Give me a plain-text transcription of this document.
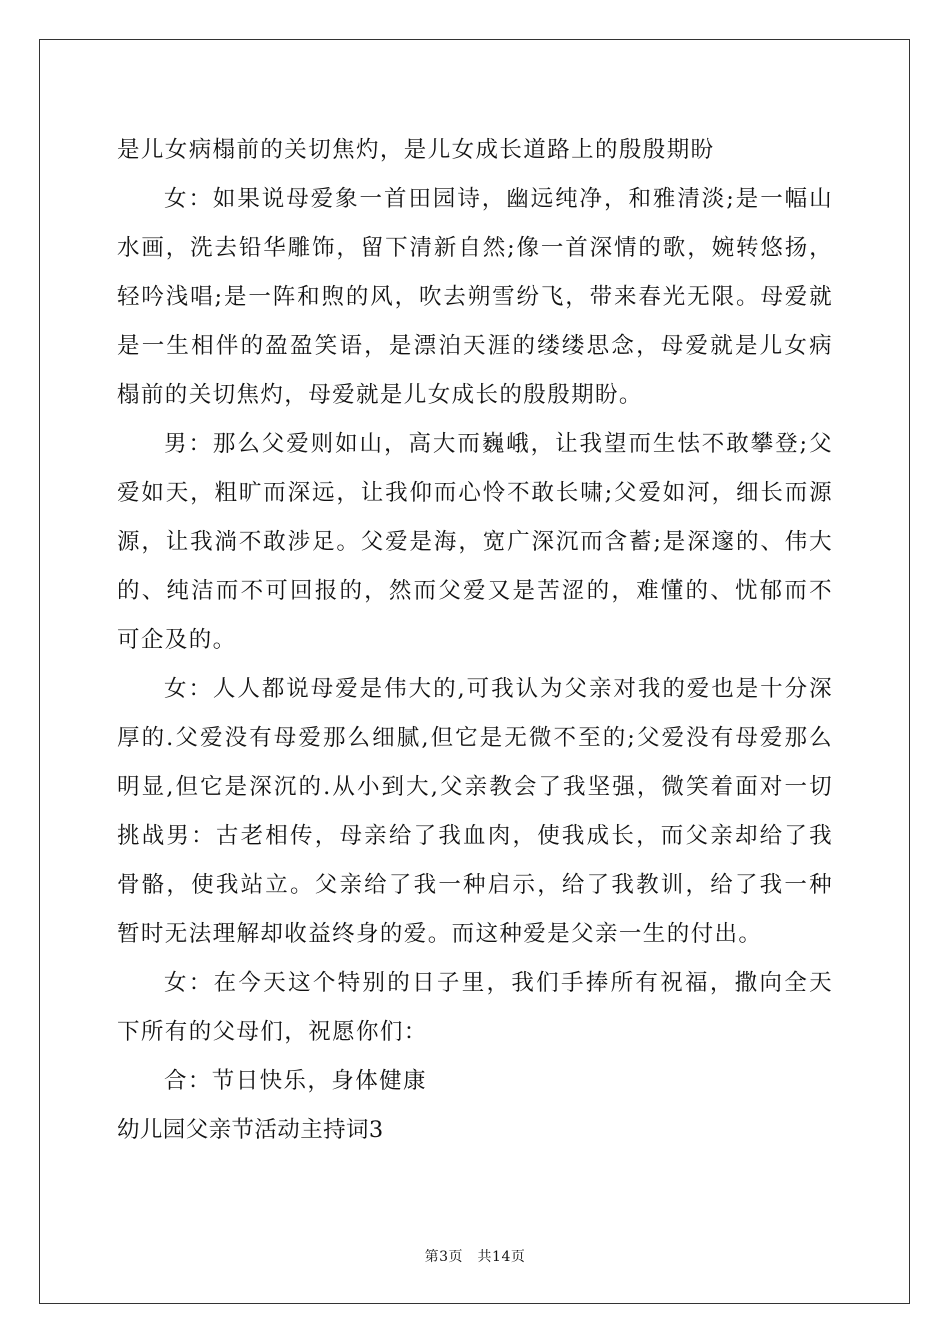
是儿女病榻前的关切焦灼，是儿女成长道路上的殷殷期盼

女：如果说母爱象一首田园诗，幽远纯净，和雅清淡;是一幅山水画，洗去铅华雕饰，留下清新自然;像一首深情的歌，婉转悠扬，轻吟浅唱;是一阵和煦的风，吹去朔雪纷飞，带来春光无限。母爱就是一生相伴的盈盈笑语，是漂泊天涯的缕缕思念，母爱就是儿女病榻前的关切焦灼，母爱就是儿女成长的殷殷期盼。

男：那么父爱则如山，高大而巍峨，让我望而生怯不敢攀登;父爱如天，粗旷而深远，让我仰而心怜不敢长啸;父爱如河，细长而源源，让我淌不敢涉足。父爱是海，宽广深沉而含蓄;是深邃的、伟大的、纯洁而不可回报的，然而父爱又是苦涩的，难懂的、忧郁而不可企及的。

女：人人都说母爱是伟大的,可我认为父亲对我的爱也是十分深厚的.父爱没有母爱那么细腻,但它是无微不至的;父爱没有母爱那么明显,但它是深沉的.从小到大,父亲教会了我坚强，微笑着面对一切挑战男：古老相传，母亲给了我血肉，使我成长，而父亲却给了我骨骼，使我站立。父亲给了我一种启示，给了我教训，给了我一种暂时无法理解却收益终身的爱。而这种爱是父亲一生的付出。

女：在今天这个特别的日子里，我们手捧所有祝福，撒向全天下所有的父母们，祝愿你们：

合：节日快乐，身体健康

幼儿园父亲节活动主持词3

第3页　共14页
